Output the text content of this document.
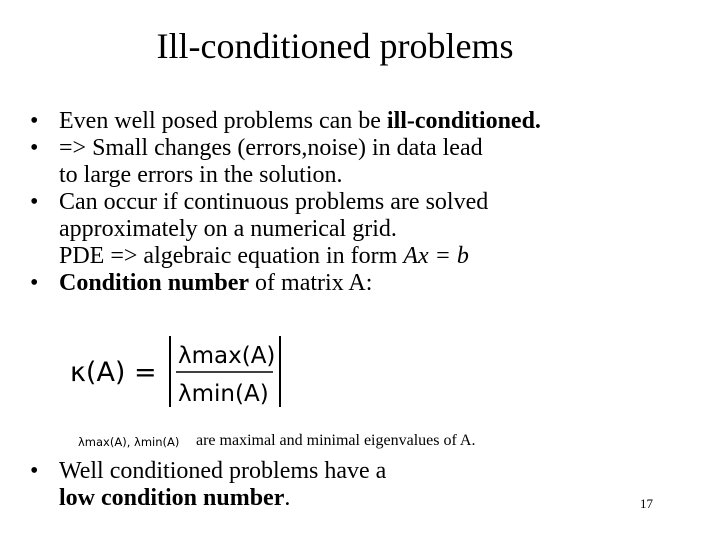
Ill-conditioned problems
• Even well posed problems can be ill-conditioned.
• => Small changes (errors,noise) in data lead
to large errors in the solution.
• Can occur if continuous problems are solved
approximately on a numerical grid.
PDE => algebraic equation in form Ax = b
• Condition number of matrix A:
κ(A) =
λmax(A)
λmin(A)
λmax(A), λmin(A) are maximal and minimal eigenvalues of A.
• Well conditioned problems have a
low condition number.	17
